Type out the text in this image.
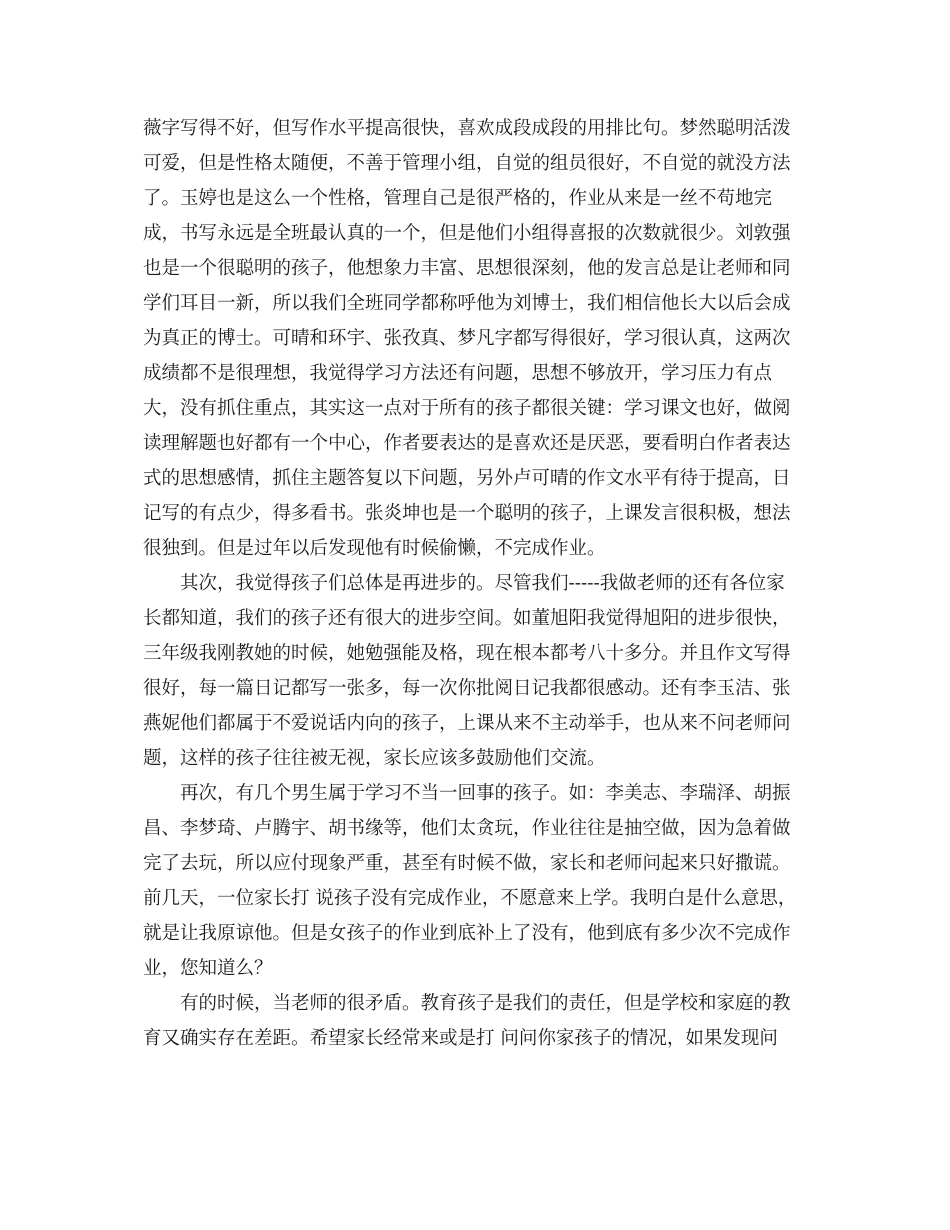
薇字写得不好，但写作水平提高很快，喜欢成段成段的用排比句。梦然聪明活泼
可爱，但是性格太随便，不善于管理小组，自觉的组员很好，不自觉的就没方法
了。玉婷也是这么一个性格，管理自己是很严格的，作业从来是一丝不苟地完
成，书写永远是全班最认真的一个，但是他们小组得喜报的次数就很少。刘敦强
也是一个很聪明的孩子，他想象力丰富、思想很深刻，他的发言总是让老师和同
学们耳目一新，所以我们全班同学都称呼他为刘博士，我们相信他长大以后会成
为真正的博士。可晴和环宇、张孜真、梦凡字都写得很好，学习很认真，这两次
成绩都不是很理想，我觉得学习方法还有问题，思想不够放开，学习压力有点
大，没有抓住重点，其实这一点对于所有的孩子都很关键：学习课文也好，做阅
读理解题也好都有一个中心，作者要表达的是喜欢还是厌恶，要看明白作者表达
式的思想感情，抓住主题答复以下问题，另外卢可晴的作文水平有待于提高，日
记写的有点少，得多看书。张炎坤也是一个聪明的孩子，上课发言很积极，想法
很独到。但是过年以后发现他有时候偷懒，不完成作业。
其次，我觉得孩子们总体是再进步的。尽管我们-----我做老师的还有各位家
长都知道，我们的孩子还有很大的进步空间。如董旭阳我觉得旭阳的进步很快，
三年级我刚教她的时候，她勉强能及格，现在根本都考八十多分。并且作文写得
很好，每一篇日记都写一张多，每一次你批阅日记我都很感动。还有李玉洁、张
燕妮他们都属于不爱说话内向的孩子，上课从来不主动举手，也从来不问老师问
题，这样的孩子往往被无视，家长应该多鼓励他们交流。
再次，有几个男生属于学习不当一回事的孩子。如：李美志、李瑞泽、胡振
昌、李梦琦、卢腾宇、胡书缘等，他们太贪玩，作业往往是抽空做，因为急着做
完了去玩，所以应付现象严重，甚至有时候不做，家长和老师问起来只好撒谎。
前几天，一位家长打 说孩子没有完成作业，不愿意来上学。我明白是什么意思，
就是让我原谅他。但是女孩子的作业到底补上了没有，他到底有多少次不完成作
业，您知道么？
有的时候，当老师的很矛盾。教育孩子是我们的责任，但是学校和家庭的教
育又确实存在差距。希望家长经常来或是打 问问你家孩子的情况，如果发现问
